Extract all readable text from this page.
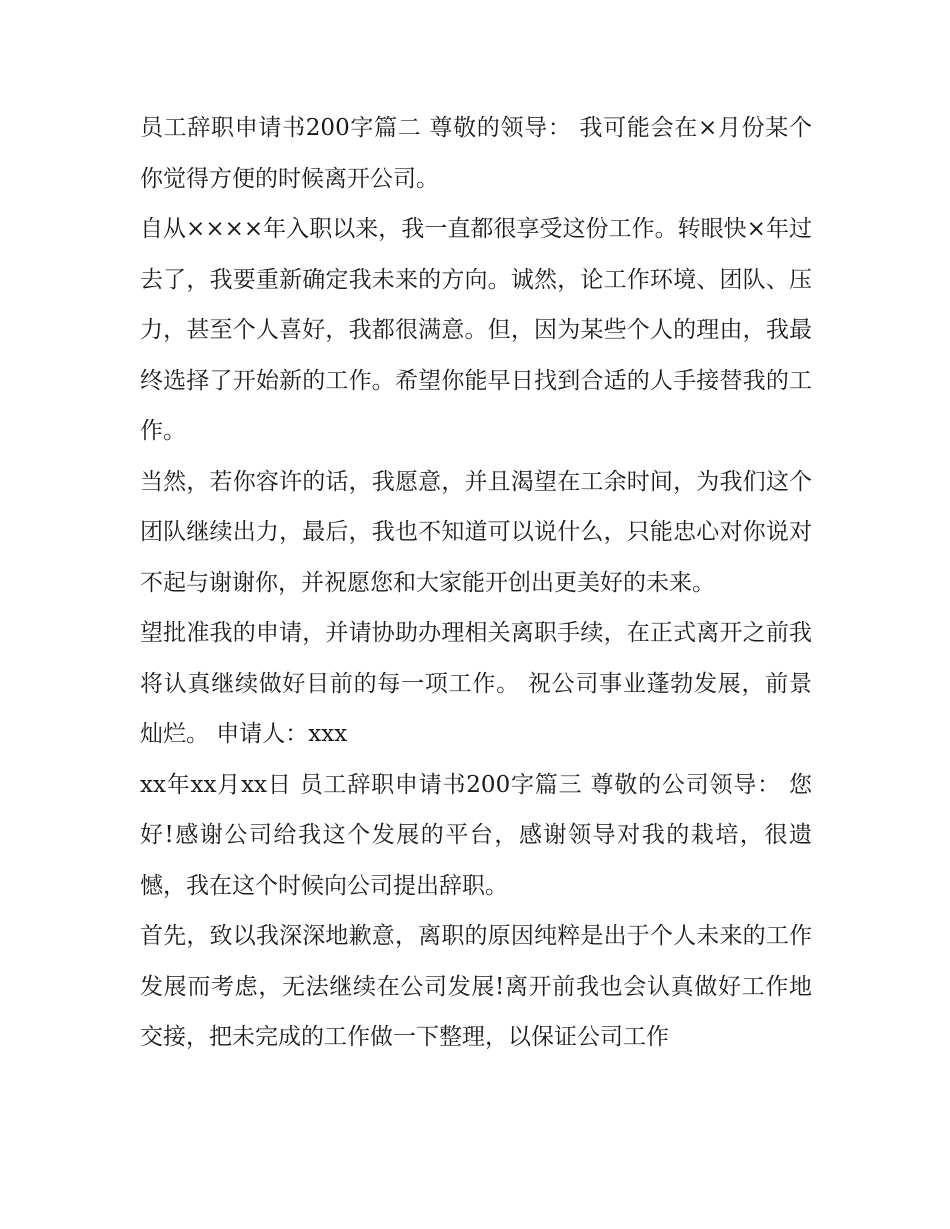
员工辞职申请书200字篇二 尊敬的领导： 我可能会在×月份某个你觉得方便的时候离开公司。

自从××××年入职以来，我一直都很享受这份工作。转眼快×年过去了，我要重新确定我未来的方向。诚然，论工作环境、团队、压力，甚至个人喜好，我都很满意。但，因为某些个人的理由，我最终选择了开始新的工作。希望你能早日找到合适的人手接替我的工作。

当然，若你容许的话，我愿意，并且渴望在工余时间，为我们这个团队继续出力，最后，我也不知道可以说什么，只能忠心对你说对不起与谢谢你，并祝愿您和大家能开创出更美好的未来。

望批准我的申请，并请协助办理相关离职手续，在正式离开之前我将认真继续做好目前的每一项工作。 祝公司事业蓬勃发展，前景灿烂。 申请人：xxx

xx年xx月xx日 员工辞职申请书200字篇三 尊敬的公司领导： 您好!感谢公司给我这个发展的平台，感谢领导对我的栽培，很遗憾，我在这个时候向公司提出辞职。

首先，致以我深深地歉意，离职的原因纯粹是出于个人未来的工作发展而考虑，无法继续在公司发展!离开前我也会认真做好工作地交接，把未完成的工作做一下整理，以保证公司工作
